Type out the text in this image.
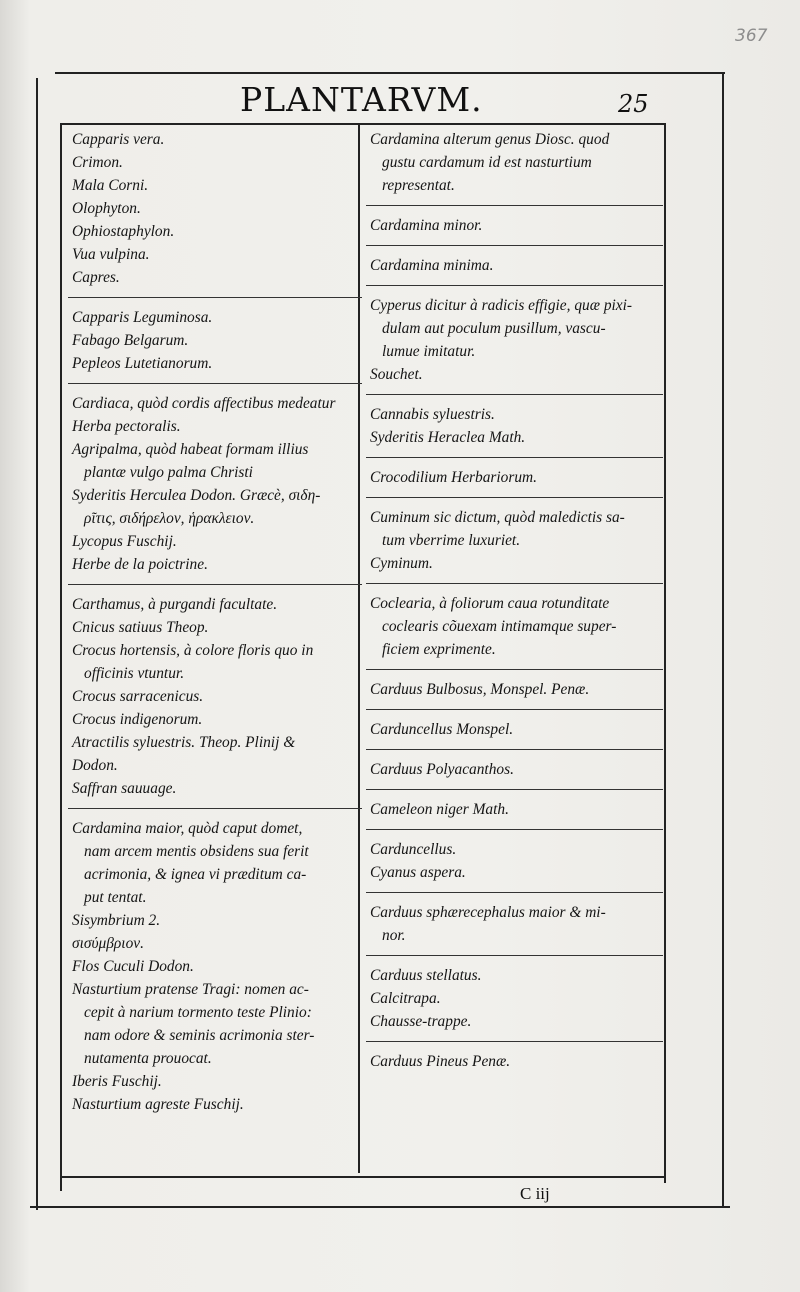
367
PLANTARVM.	25
Capparis vera.
Crimon.
Mala Corni.
Olophyton.
Ophiostaphylon.
Vua vulpina.
Capres.
Capparis Leguminosa.
Fabago Belgarum.
Pepleos Lutetianorum.
Cardiaca, quòd cordis affectibus medeatur
Herba pectoralis.
Agripalma, quòd habeat formam illius
plantæ vulgo palma Christi
Syderitis Herculea Dodon. Græcè, σιδη-
ρῖτις, σιδήρελον, ἡρακλειον.
Lycopus Fuschij.
Herbe de la poictrine.
Carthamus, à purgandi facultate.
Cnicus satiuus Theop.
Crocus hortensis, à colore floris quo in
officinis vtuntur.
Crocus sarracenicus.
Crocus indigenorum.
Atractilis syluestris. Theop. Plinij &
Dodon.
Saffran sauuage.
Cardamina maior, quòd caput domet,
nam arcem mentis obsidens sua ferit
acrimonia, & ignea vi præditum ca-
put tentat.
Sisymbrium 2.
σισύμβριον.
Flos Cuculi Dodon.
Nasturtium pratense Tragi: nomen ac-
cepit à narium tormento teste Plinio:
nam odore & seminis acrimonia ster-
nutamenta prouocat.
Iberis Fuschij.
Nasturtium agreste Fuschij.
Cardamina alterum genus Diosc. quod
gustu cardamum id est nasturtium
representat.
Cardamina minor.
Cardamina minima.
Cyperus dicitur à radicis effigie, quæ pixi-
dulam aut poculum pusillum, vascu-
lumue imitatur.
Souchet.
Cannabis syluestris.
Syderitis Heraclea Math.
Crocodilium Herbariorum.
Cuminum sic dictum, quòd maledictis sa-
tum vberrime luxuriet.
Cyminum.
Coclearia, à foliorum caua rotunditate
coclearis cõuexam intimamque super-
ficiem exprimente.
Carduus Bulbosus, Monspel. Penæ.
Carduncellus Monspel.
Carduus Polyacanthos.
Cameleon niger Math.
Carduncellus.
Cyanus aspera.
Carduus sphærecephalus maior & mi-
nor.
Carduus stellatus.
Calcitrapa.
Chausse-trappe.
Carduus Pineus Penæ.
C iij
